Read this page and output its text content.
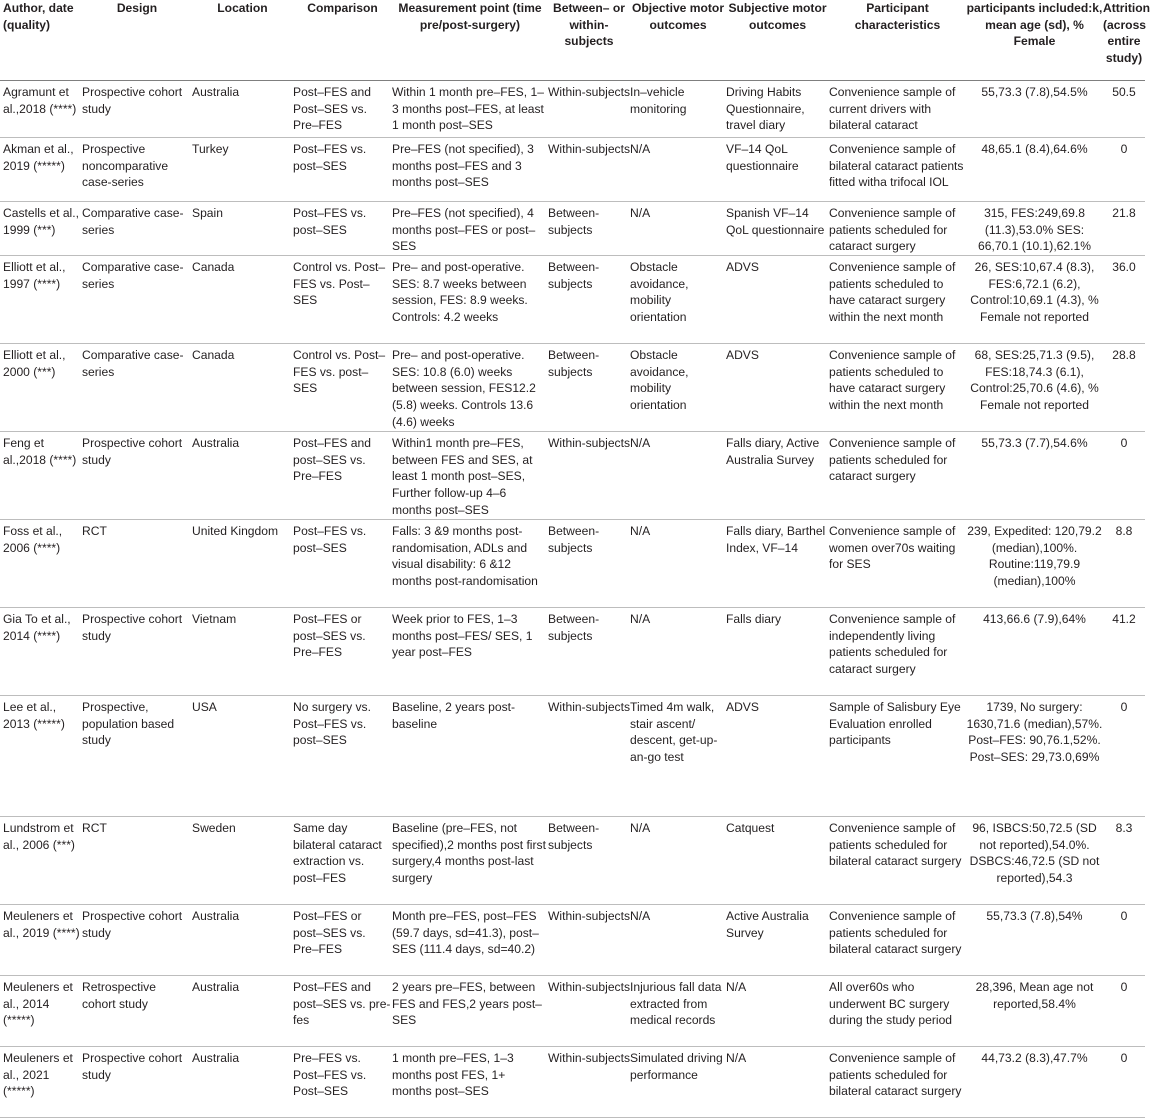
Author, date (quality)	Design	Location	Comparison	Measurement point (time pre/post-surgery)	Between– or within-subjects	Objective motor outcomes	Subjective motor outcomes	Participant characteristics	participants included:k, mean age (sd), % Female	Attrition (across entire study)

Agramunt et al.,2018 (****)	Prospective cohort study	Australia	Post–FES and Post–SES vs. Pre–FES	Within 1 month pre–FES, 1–3 months post–FES, at least 1 month post–SES	Within-subjects	In–vehicle monitoring	Driving Habits Questionnaire, travel diary	Convenience sample of current drivers with bilateral cataract	55,73.3 (7.8),54.5%	50.5

Akman et al., 2019 (*****)	Prospective noncomparative case-series	Turkey	Post–FES vs. post–SES	Pre–FES (not specified), 3 months post–FES and 3 months post–SES	Within-subjects	N/A	VF–14 QoL questionnaire	Convenience sample of bilateral cataract patients fitted witha trifocal IOL	48,65.1 (8.4),64.6%	0

Castells et al., 1999 (***)	Comparative case-series	Spain	Post–FES vs. post–SES	Pre–FES (not specified), 4 months post–FES or post–SES	Between-subjects	N/A	Spanish VF–14 QoL questionnaire	Convenience sample of patients scheduled for cataract surgery	315, FES:249,69.8 (11.3),53.0% SES: 66,70.1 (10.1),62.1%	21.8

Elliott et al., 1997 (****)	Comparative case-series	Canada	Control vs. Post–FES vs. Post–SES	Pre– and post-operative. SES: 8.7 weeks between session, FES: 8.9 weeks. Controls: 4.2 weeks	Between-subjects	Obstacle avoidance, mobility orientation	ADVS	Convenience sample of patients scheduled to have cataract surgery within the next month	26, SES:10,67.4 (8.3), FES:6,72.1 (6.2), Control:10,69.1 (4.3), % Female not reported	36.0

Elliott et al., 2000 (***)	Comparative case-series	Canada	Control vs. Post–FES vs. post–SES	Pre– and post-operative. SES: 10.8 (6.0) weeks between session, FES12.2 (5.8) weeks. Controls 13.6 (4.6) weeks	Between-subjects	Obstacle avoidance, mobility orientation	ADVS	Convenience sample of patients scheduled to have cataract surgery within the next month	68, SES:25,71.3 (9.5), FES:18,74.3 (6.1), Control:25,70.6 (4.6), % Female not reported	28.8

Feng et al.,2018 (****)	Prospective cohort study	Australia	Post–FES and post–SES vs. Pre–FES	Within1 month pre–FES, between FES and SES, at least 1 month post–SES, Further follow-up 4–6 months post–SES	Within-subjects	N/A	Falls diary, Active Australia Survey	Convenience sample of patients scheduled for cataract surgery	55,73.3 (7.7),54.6%	0

Foss et al., 2006 (****)	RCT	United Kingdom	Post–FES vs. post–SES	Falls: 3 &9 months post-randomisation, ADLs and visual disability: 6 &12 months post-randomisation	Between-subjects	N/A	Falls diary, Barthel Index, VF–14	Convenience sample of women over70s waiting for SES	239, Expedited: 120,79.2 (median),100%. Routine:119,79.9 (median),100%	8.8

Gia To et al., 2014 (****)	Prospective cohort study	Vietnam	Post–FES or post–SES vs. Pre–FES	Week prior to FES, 1–3 months post–FES/ SES, 1 year post–FES	Between-subjects	N/A	Falls diary	Convenience sample of independently living patients scheduled for cataract surgery	413,66.6 (7.9),64%	41.2

Lee et al., 2013 (*****)	Prospective, population based study	USA	No surgery vs. Post–FES vs. post–SES	Baseline, 2 years post-baseline	Within-subjects	Timed 4m walk, stair ascent/ descent, get-up-an-go test	ADVS	Sample of Salisbury Eye Evaluation enrolled participants	1739, No surgery: 1630,71.6 (median),57%. Post–FES: 90,76.1,52%. Post–SES: 29,73.0,69%	0

Lundstrom et al., 2006 (***)	RCT	Sweden	Same day bilateral cataract extraction vs. post–FES	Baseline (pre–FES, not specified),2 months post first surgery,4 months post-last surgery	Between-subjects	N/A	Catquest	Convenience sample of patients scheduled for bilateral cataract surgery	96, ISBCS:50,72.5 (SD not reported),54.0%. DSBCS:46,72.5 (SD not reported),54.3	8.3

Meuleners et al., 2019 (****)	Prospective cohort study	Australia	Post–FES or post–SES vs. Pre–FES	Month pre–FES, post–FES (59.7 days, sd=41.3), post–SES (111.4 days, sd=40.2)	Within-subjects	N/A	Active Australia Survey	Convenience sample of patients scheduled for bilateral cataract surgery	55,73.3 (7.8),54%	0

Meuleners et al., 2014 (*****)	Retrospective cohort study	Australia	Post–FES and post–SES vs. pre-fes	2 years pre–FES, between FES and FES,2 years post–SES	Within-subjects	Injurious fall data extracted from medical records	N/A	All over60s who underwent BC surgery during the study period	28,396, Mean age not reported,58.4%	0

Meuleners et al., 2021 (*****)	Prospective cohort study	Australia	Pre–FES vs. Post–FES vs. Post–SES	1 month pre–FES, 1–3 months post FES, 1+ months post–SES	Within-subjects	Simulated driving performance	N/A	Convenience sample of patients scheduled for bilateral cataract surgery	44,73.2 (8.3),47.7%	0
